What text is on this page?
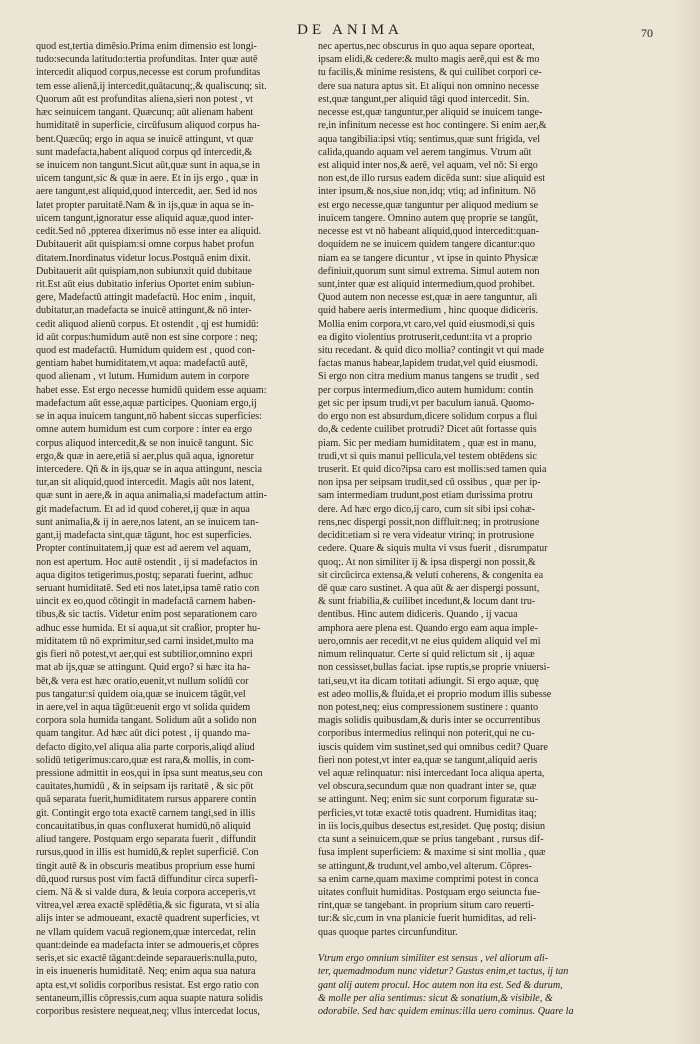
DE ANIMA	70
quod est,tertia dimēsio.Prima enim dimensio est longi-
tudo:secunda latitudo:tertia profunditas. Inter quæ autē
intercedit aliquod corpus,necesse est corum profunditas
tem esse alienā,ij intercedit,quātacunq;,& qualiscunq; sit.
Quorum aūt est profunditas aliena,sieri non potest , vt
hæc seinuicem tangant. Quæcunq; aūt alienam habent
humiditatē in superficie, circūfusum aliquod corpus ha-
bent.Quæcūq; ergo in aqua se inuicē attingunt, vt quæ
sunt madefacta,habent aliquod corpus qd intercedit,&
se inuicem non tangunt.Sicut aūt,quæ sunt in aqua,se in
uicem tangunt,sic & quæ in aere. Et in ijs ergo , quæ in
aere tangunt,est aliquid,quod intercedit, aer. Sed id nos
latet propter paruitatē.Nam & in ijs,quæ in aqua se in-
uicem tangunt,ignoratur esse aliquid aquæ,quod inter-
cedit.Sed nō ,ppterea dixerimus nō esse inter ea aliquid.
Dubitauerit aūt quispiam:si omne corpus habet profun
ditatem.Inordinatus videtur locus.Postquā enim dixit.
Dubitauerit aūt quispiam,non subiunxit quid dubitaue
rit.Est aūt eius dubitatio inferius Oportet enim subiun-
gere, Madefactū attingit madefactū. Hoc enim , inquit,
dubitatur,an madefacta se inuicē attingunt,& nō inter-
cedit aliquod alienū corpus. Et ostendit , qj est humidū:
id aūt corpus:humidum autē non est sine corpore : neq;
quod est madefactū. Humidum quidem est , quod con-
gentiam habet humiditatem,vt aqua: madefactū autē,
quod alienam , vt lutum. Humidum autem in corpore
habet esse. Est ergo necesse humidū quidem esse aquam:
madefactum aūt esse,aquæ participes. Quoniam ergo,ij
se in aqua inuicem tangunt,nō habent siccas superficies:
omne autem humidum est cum corpore : inter ea ergo
corpus aliquod intercedit,& se non inuicē tangunt. Sic
ergo,& quæ in aere,etiā si aer,plus quā aqua, ignoretur
intercedere. Qñ & in ijs,quæ se in aqua attingunt, nescia
tur,an sit aliquid,quod intercedit. Magis aūt nos latent,
quæ sunt in aere,& in aqua animalia,si madefactum attin-
git madefactum. Et ad id quod coheret,ij quæ in aqua
sunt animalia,& ij in aere,nos latent, an se inuicem tan-
gant,ij madefacta sint,quæ tāgunt, hoc est superficies.
Propter continuitatem,ij quæ est ad aerem vel aquam,
non est apertum. Hoc autē ostendit , ij si madefactos in
aqua digitos tetigerimus,postq; separati fuerint, adhuc
seruant humiditatē. Sed eti nos latet,ipsa tamē ratio con
uincit ex eo,quod cōtingit in madefactā carnem haben-
tibus,& sic tactis. Videtur enim post separationem caro
adhuc esse humida. Et si aqua,ut sit craßior, propter hu-
miditatem tū nō exprimitur,sed carni insidet,multo ma
gis fieri nō potest,vt aer,qui est subtilior,omnino expri
mat ab ijs,quæ se attingunt. Quid ergo? si hæc ita ha-
bēt,& vera est hæc oratio,euenit,vt nullum solidū cor
pus tangatur:si quidem oia,quæ se inuicem tāgūt,vel
in aere,vel in aqua tāgūt:euenit ergo vt solida quidem
corpora sola humida tangant. Solidum aūt a solido non
quam tangitur. Ad hæc aūt dici potest , ij quando ma-
defacto digito,vel aliqua alia parte corporis,aliqd aliud
solidū tetigerimus:caro,quæ est rara,& mollis, in com-
pressione admittit in eos,qui in ipsa sunt meatus,seu con
cauitates,humidū , & in seipsam ijs raritatē , & sic pōt
quā separata fuerit,humiditatem rursus apparere contin
git. Contingit ergo tota exactē carnem tangi,sed in illis
concauitatibus,in quas confluxerat humidū,nō aliquid
aliud tangere. Postquam ergo separata fuerit , diffundit
rursus,quod in illis est humidū,& replet superficiē. Con
tingit autē & in obscuris meatibus proprium esse humi
dū,quod rursus post vim factā diffunditur circa superfi-
ciem. Nā & si valde dura, & leuia corpora acceperis,vt
vitrea,vel ærea exactē splēdētia,& sic figurata, vt si alia
alijs inter se admoueant, exactē quadrent superficies, vt
ne vllam quidem vacuā regionem,quæ intercedat, relin
quant:deinde ea madefacta inter se admoueris,et cōpres
seris,et sic exactē tāgant:deinde separaueris:nulla,puto,
in eis inueneris humiditatē. Neq; enim aqua sua natura
apta est,vt solidis corporibus resistat. Est ergo ratio con
sentaneum,illis cōpressis,cum aqua suapte natura solidis
corporibus resistere nequeat,neq; vllus intercedat locus,
nec apertus,nec obscurus in quo aqua separe oporteat,
ipsam elidi,& cedere:& multo magis aerē,qui est & mo
tu facilis,& minime resistens, & qui cuilibet corpori ce-
dere sua natura aptus sit. Et aliqui non omnino necesse
est,quæ tangunt,per aliquid tāgi quod intercedit. Sin.
necesse est,quæ tanguntur,per aliquid se inuicem tange-
re,in infinitum necesse est hoc contingere. Si enim aer,&
aqua tangibilia:ipsi vtiq; sentimus,quæ sunt frigida, vel
calida,quando aquam vel aerem tangimus. Vtrum aūt
est aliquid inter nos,& aerē, vel aquam, vel nō: Si ergo
non est,de illo rursus eadem dicēda sunt: siue aliquid est
inter ipsum,& nos,siue non,idq; vtiq; ad infinitum. Nō
est ergo necesse,quæ tanguntur per aliquod medium se
inuicem tangere. Omnino autem quę proprie se tangūt,
necesse est vt nō habeant aliquid,quod intercedit:quan-
doquidem ne se inuicem quidem tangere dicantur:quo
niam ea se tangere dicuntur , vt ipse in quinto Physicæ
definiuit,quorum sunt simul extrema. Simul autem non
sunt,inter quæ est aliquid intermedium,quod prohibet.
Quod autem non necesse est,quæ in aere tanguntur, ali
quid habere aeris intermedium , hinc quoque didiceris.
Mollia enim corpora,vt caro,vel quid eiusmodi,si quis
ea digito violentius protruserit,cedunt:ita vt a proprio
situ recedant. & quid dico mollia? contingit vt qui made
factas manus habear,lapidem trudat,vel quid eiusmodi.
Si ergo non citra medium manus tangens se trudit , sed
per corpus intermedium,dico autem humidum: contin
get sic per ipsum trudi,vt per baculum ianuā. Quomo-
do ergo non est absurdum,dicere solidum corpus a flui
do,& cedente cuilibet protrudi? Dicet aūt fortasse quis
piam. Sic per mediam humiditatem , quæ est in manu,
trudi,vt si quis manui pellicula,vel testem obtēdens sic
truserit. Et quid dico?ipsa caro est mollis:sed tamen quia
non ipsa per seipsam trudit,sed cū ossibus , quæ per ip-
sam intermediam trudunt,post etiam durissima protru
dere. Ad hæc ergo dico,ij caro, cum sit sibi ipsi cohæ-
rens,nec dispergi possit,non diffluit:neq; in protrusione
decidit:etiam si re vera videatur vtrinq; in protrusione
cedere. Quare & siquis multa vi vsus fuerit , disrumpatur
quoq;. At non similiter ij & ipsa dispergi non possit,&
sit circūcirca extensa,& veluti coherens, & congenita ea
dē quæ caro sustinet. A qua aūt & aer dispergi possunt,
& sunt friabilia,& cuilibet incedunt,& locum dant tru-
dentibus. Hinc autem didiceris. Quando , ij vacua
amphora aere plena est. Quando ergo eam aqua imple-
uero,omnis aer recedit,vt ne eius quidem aliquid vel mi
nimum relinquatur. Certe si quid relictum sit , ij aquæ
non cessisset,bullas faciat. ipse ruptis,se proprie vniuersi-
tati,seu,vt ita dicam totitati adiungit. Si ergo aquæ, quę
est adeo mollis,& fluida,et ei proprio modum illis subesse
non potest,neq; eius compressionem sustinere : quanto
magis solidis quibusdam,& duris inter se occurrentibus
corporibus intermedius relinqui non poterit,qui ne cu-
iuscis quidem vim sustinet,sed qui omnibus cedit? Quare
fieri non potest,vt inter ea,quæ se tangunt,aliquid aeris
vel aquæ relinquatur: nisi intercedant loca aliqua aperta,
vel obscura,secundum quæ non quadrant inter se, quæ
se attingunt. Neq; enim sic sunt corporum figuratæ su-
perficies,vt totæ exactē totis quadrent. Humiditas itaq;
in iis locis,quibus desectus est,residet. Quę postq; disiun
cta sunt a seinuicem,quæ se prius tangebant , rursus dif-
fusa implent superficiem: & maxime si sint mollia , quæ
se attingunt,& trudunt,vel ambo,vel alterum. Cōpres-
sa enim carne,quam maxime comprimi potest in conca
uitates confluit humiditas. Postquam ergo seiuncta fue-
rint,quæ se tangebant. in proprium situm caro reuerti-
tur:& sic,cum in vna planicie fuerit humiditas, ad reli-
quas quoque partes circunfunditur.
Vtrum ergo omnium similiter est sensus , vel aliorum ali-
ter, quemadmodum nunc videtur? Gustus enim,et tactus, ij tan
gant alij autem procul. Hoc autem non ita est. Sed & durum,
& molle per alia sentimus: sicut & sonatium,& visibile, &
odorabile. Sed hæc quidem eminus:illa uero cominus. Quare la
